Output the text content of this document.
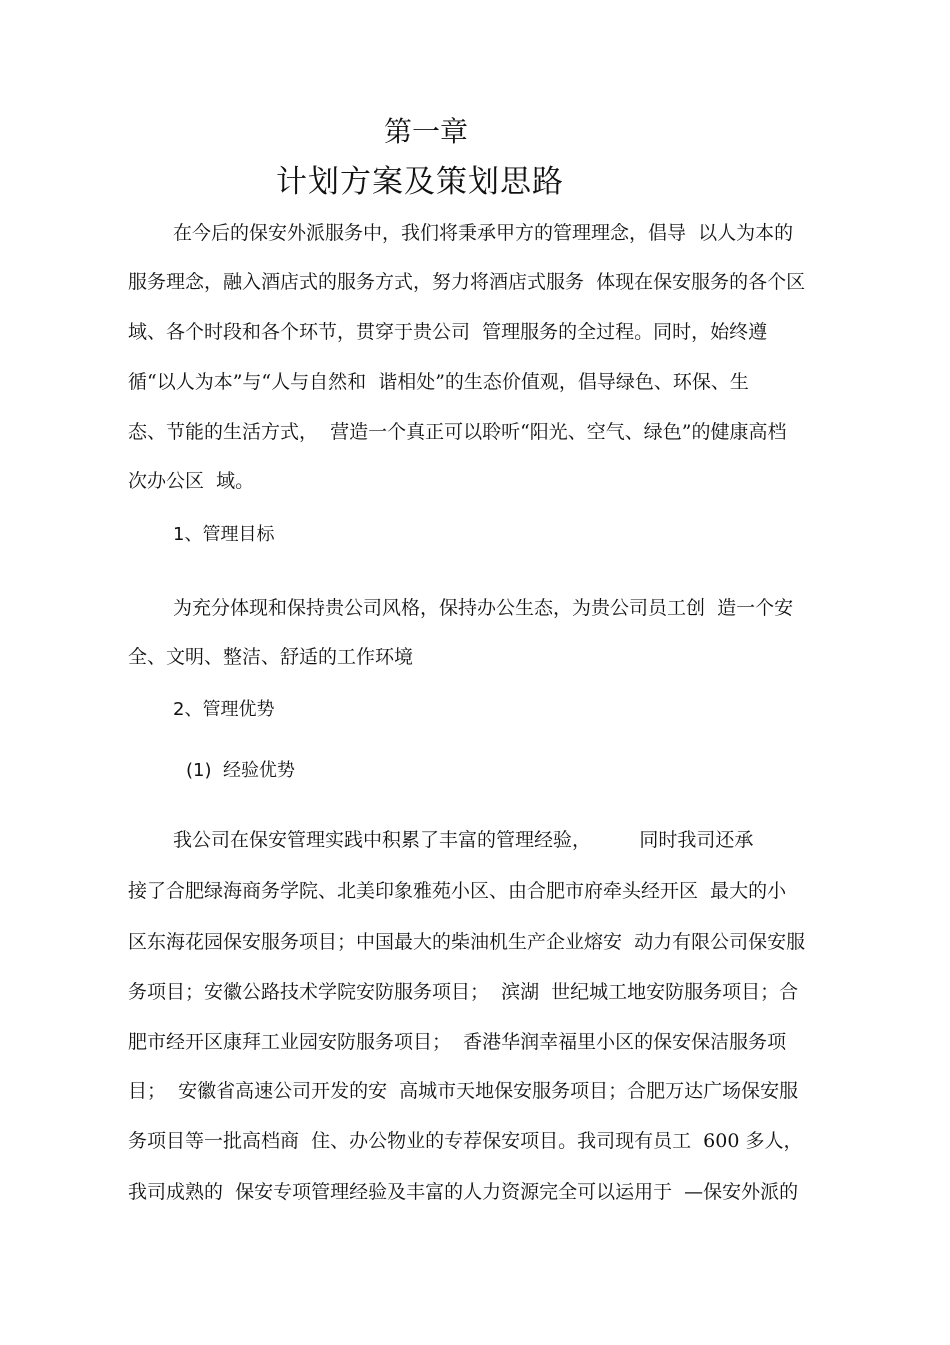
第一章
计划方案及策划思路
在今后的保安外派服务中，我们将秉承甲方的管理理念，倡导  以人为本的
服务理念，融入酒店式的服务方式，努力将酒店式服务  体现在保安服务的各个区
域、各个时段和各个环节，贯穿于贵公司  管理服务的全过程。同时，始终遵
循“以人为本”与“人与自然和  谐相处”的生态价值观，倡导绿色、环保、生
态、节能的生活方式，  营造一个真正可以聆听“阳光、空气、绿色”的健康高档
次办公区  域。
1、管理目标
为充分体现和保持贵公司风格，保持办公生态，为贵公司员工创  造一个安
全、文明、整洁、舒适的工作环境
2、管理优势
(1)  经验优势
我公司在保安管理实践中积累了丰富的管理经验，        同时我司还承
接了合肥绿海商务学院、北美印象雅苑小区、由合肥市府牵头经开区  最大的小
区东海花园保安服务项目；中国最大的柴油机生产企业熔安  动力有限公司保安服
务项目；安徽公路技术学院安防服务项目；  滨湖  世纪城工地安防服务项目；合
肥市经开区康拜工业园安防服务项目；  香港华润幸福里小区的保安保洁服务项
目；  安徽省高速公司开发的安  高城市天地保安服务项目；合肥万达广场保安服
务项目等一批高档商  住、办公物业的专荐保安项目。我司现有员工  600 多人，
我司成熟的  保安专项管理经验及丰富的人力资源完全可以运用于  —保安外派的
